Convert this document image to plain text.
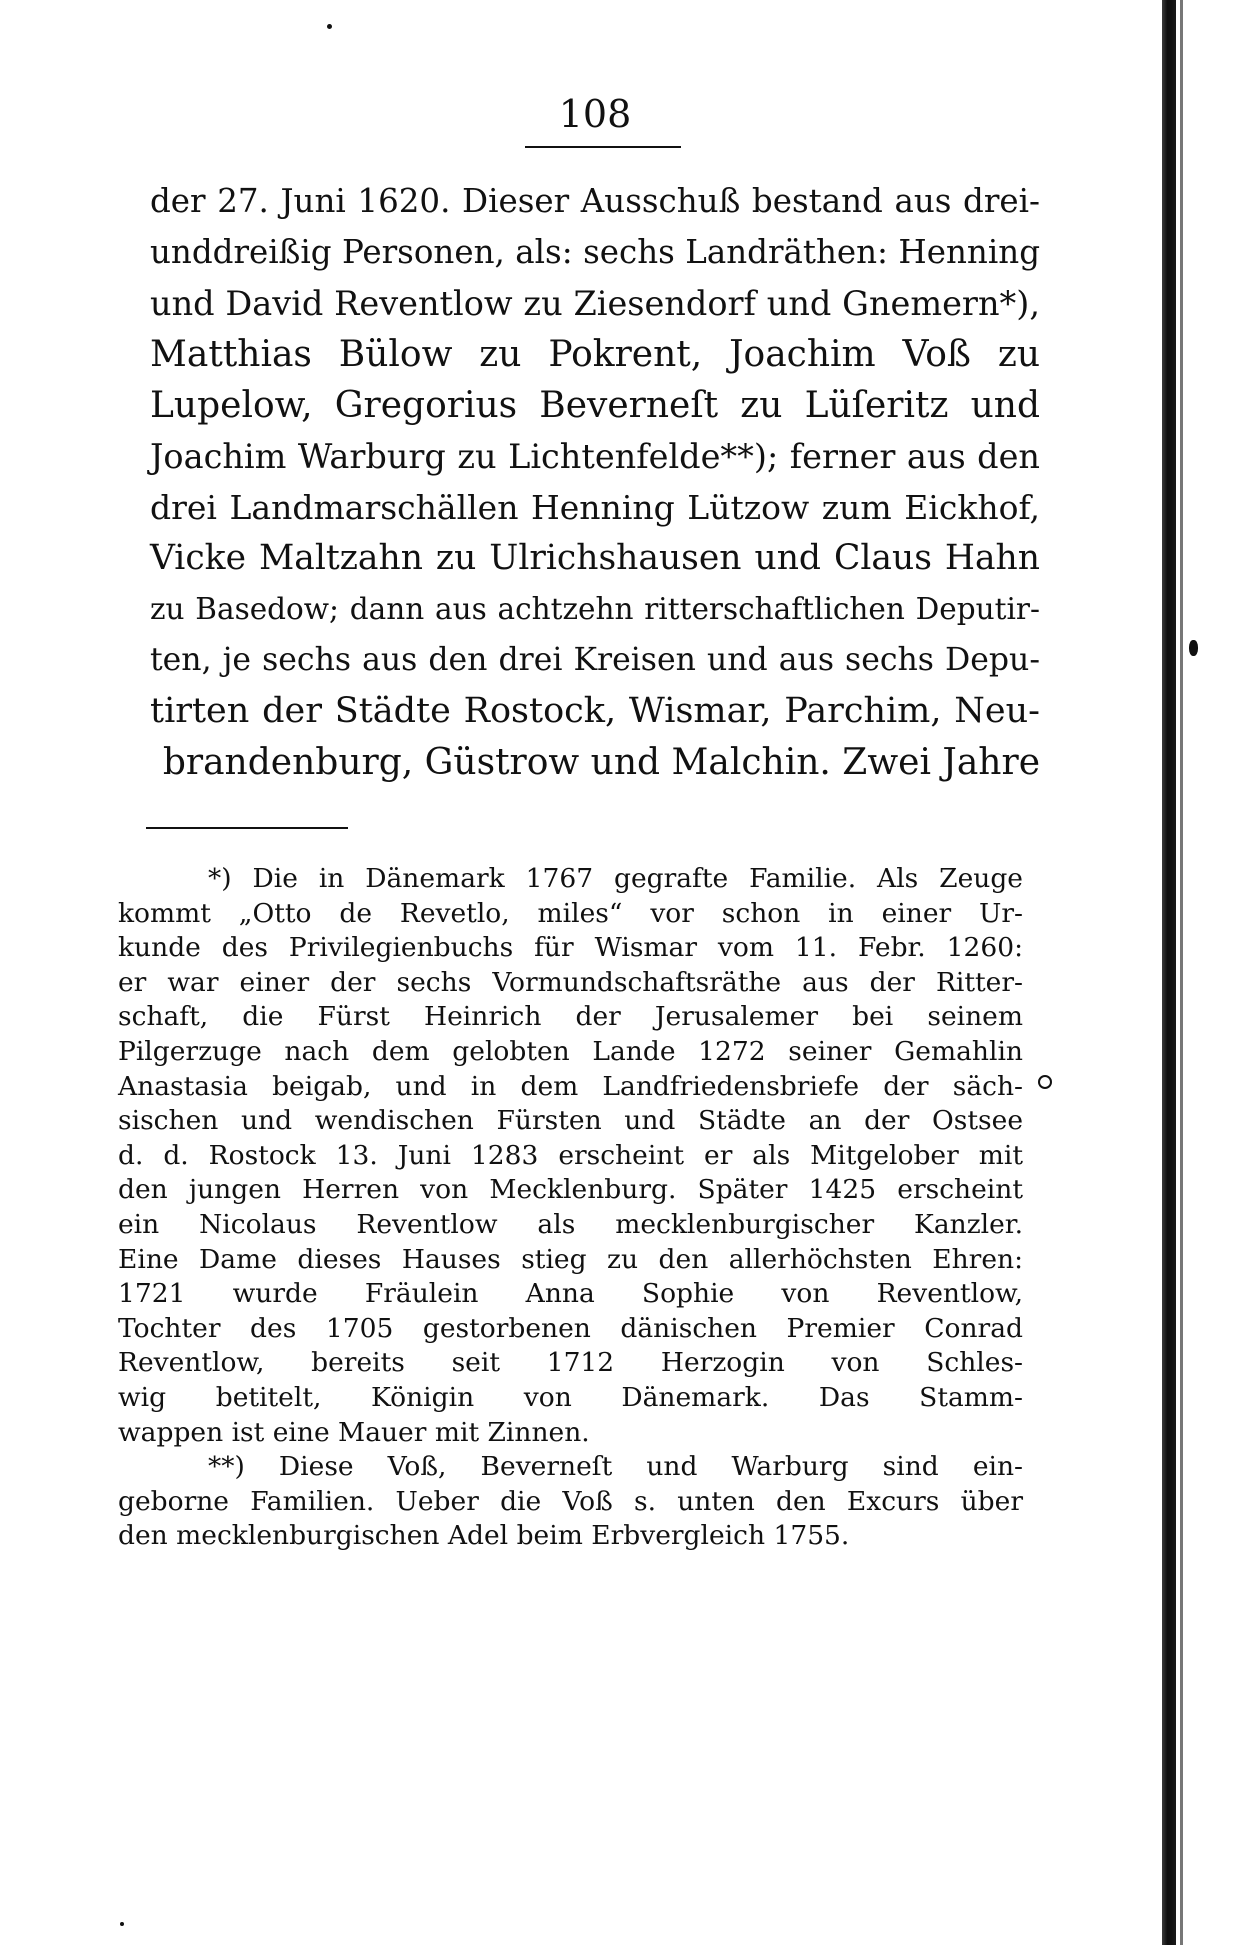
108
der 27. Juni 1620. Dieser Ausschuß bestand aus drei-
unddreißig Personen, als: sechs Landräthen: Henning
und David Reventlow zu Ziesendorf und Gnemern*),
Matthias Bülow zu Pokrent, Joachim Voß zu
Lupelow, Gregorius Beverneſt zu Lüſeritz und
Joachim Warburg zu Lichtenfelde**); ferner aus den
drei Landmarschällen Henning Lützow zum Eickhof,
Vicke Maltzahn zu Ulrichshausen und Claus Hahn
zu Basedow; dann aus achtzehn ritterschaftlichen Deputir-
ten, je sechs aus den drei Kreisen und aus sechs Depu-
tirten der Städte Rostock, Wismar, Parchim, Neu-
brandenburg, Güstrow und Malchin. Zwei Jahre
*) Die in Dänemark 1767 gegrafte Familie. Als Zeuge
kommt „Otto de Revetlo, miles“ vor schon in einer Ur-
kunde des Privilegienbuchs für Wismar vom 11. Febr. 1260:
er war einer der sechs Vormundschaftsräthe aus der Ritter-
schaft, die Fürst Heinrich der Jerusalemer bei seinem
Pilgerzuge nach dem gelobten Lande 1272 seiner Gemahlin
Anastasia beigab, und in dem Landfriedensbriefe der säch-
sischen und wendischen Fürsten und Städte an der Ostsee
d. d. Rostock 13. Juni 1283 erscheint er als Mitgelober mit
den jungen Herren von Mecklenburg. Später 1425 erscheint
ein Nicolaus Reventlow als mecklenburgischer Kanzler.
Eine Dame dieses Hauses stieg zu den allerhöchsten Ehren:
1721 wurde Fräulein Anna Sophie von Reventlow,
Tochter des 1705 gestorbenen dänischen Premier Conrad
Reventlow, bereits seit 1712 Herzogin von Schles-
wig betitelt, Königin von Dänemark. Das Stamm-
wappen ist eine Mauer mit Zinnen.
**) Diese Voß, Beverneſt und Warburg sind ein-
geborne Familien. Ueber die Voß s. unten den Excurs über
den mecklenburgischen Adel beim Erbvergleich 1755.
